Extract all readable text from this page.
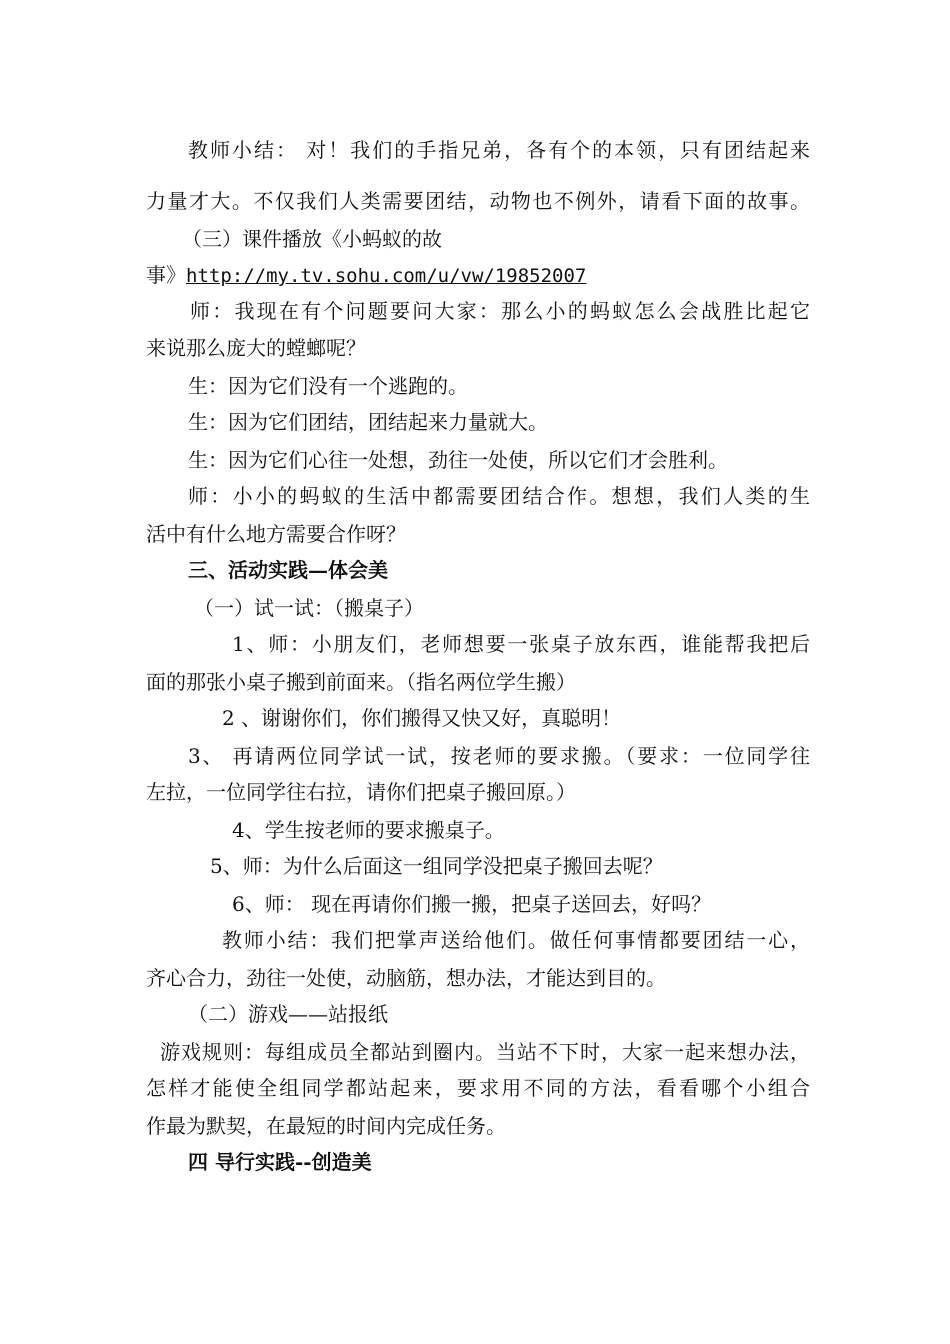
教师小结： 对！我们的手指兄弟，各有个的本领，只有团结起来
力量才大。不仅我们人类需要团结，动物也不例外，请看下面的故事。
（三）课件播放《小蚂蚁的故
事》http://my.tv.sohu.com/u/vw/19852007
师：我现在有个问题要问大家：那么小的蚂蚁怎么会战胜比起它
来说那么庞大的螳螂呢？
生：因为它们没有一个逃跑的。
生：因为它们团结，团结起来力量就大。
生：因为它们心往一处想，劲往一处使，所以它们才会胜利。
师：小小的蚂蚁的生活中都需要团结合作。想想，我们人类的生
活中有什么地方需要合作呀？
三、活动实践—体会美
（一）试一试：（搬桌子）
1、师：小朋友们，老师想要一张桌子放东西，谁能帮我把后
面的那张小桌子搬到前面来。（指名两位学生搬）
2 、谢谢你们，你们搬得又快又好，真聪明！
3、 再请两位同学试一试，按老师的要求搬。（要求：一位同学往
左拉，一位同学往右拉，请你们把桌子搬回原。）
4、学生按老师的要求搬桌子。
5、师：为什么后面这一组同学没把桌子搬回去呢？
6、师： 现在再请你们搬一搬，把桌子送回去，好吗？
教师小结：我们把掌声送给他们。做任何事情都要团结一心，
齐心合力，劲往一处使，动脑筋，想办法，才能达到目的。
（二）游戏——站报纸
游戏规则：每组成员全都站到圈内。当站不下时，大家一起来想办法，
怎样才能使全组同学都站起来，要求用不同的方法，看看哪个小组合
作最为默契，在最短的时间内完成任务。
四 导行实践--创造美
